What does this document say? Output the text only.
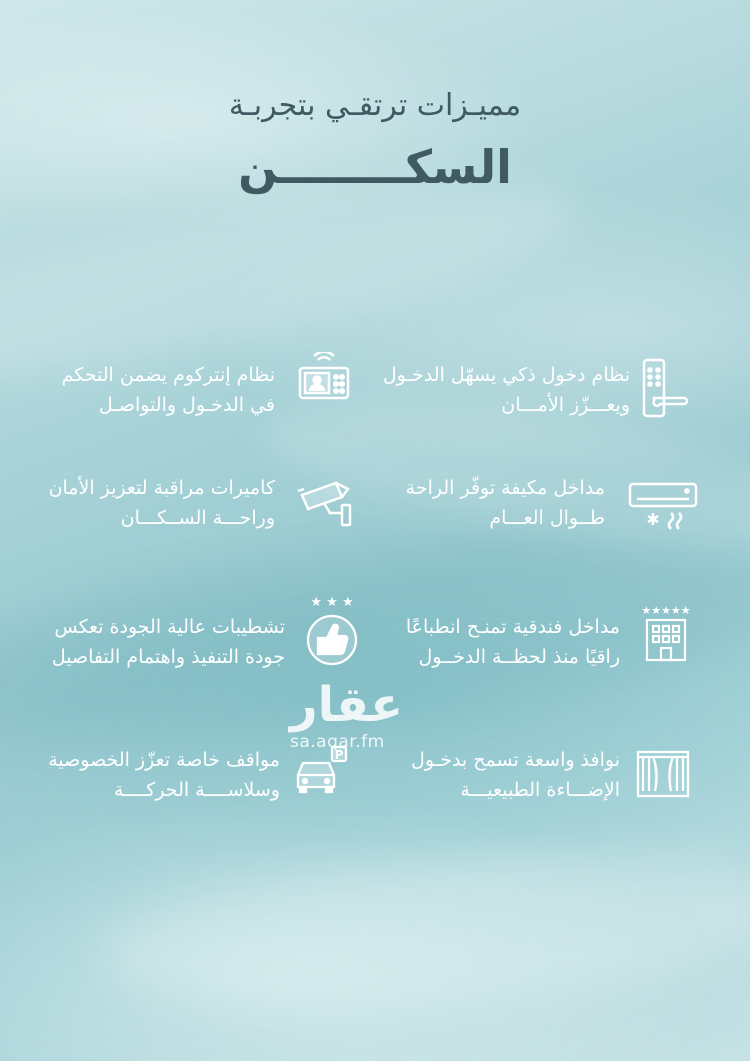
مميـزات ترتقـي بتجربـة
السكــــــــن
نظام دخول ذكي يسهّل الدخـول
ويعـــزّز الأمـــان
نظام إنتركوم يضمن التحكم
في الدخـول والتواصـل
مداخل مكيفة توفّر الراحة
طــوال العـــام
كاميرات مراقبة لتعزيز الأمان
وراحـــة الســكـــان
مداخل فندقية تمنـح انطباعًا
راقيًا منذ لحظــة الدخــول
★★★★★
تشطيبات عالية الجودة تعكس
جودة التنفيذ واهتمام التفاصيل
★ ★ ★
نوافذ واسعة تسمح بدخـول
الإضـــاءة الطبيعيـــة
مواقف خاصة تعزّز الخصوصية
وسلاســــة الحركــــة
P
عقار
sa.aqar.fm
